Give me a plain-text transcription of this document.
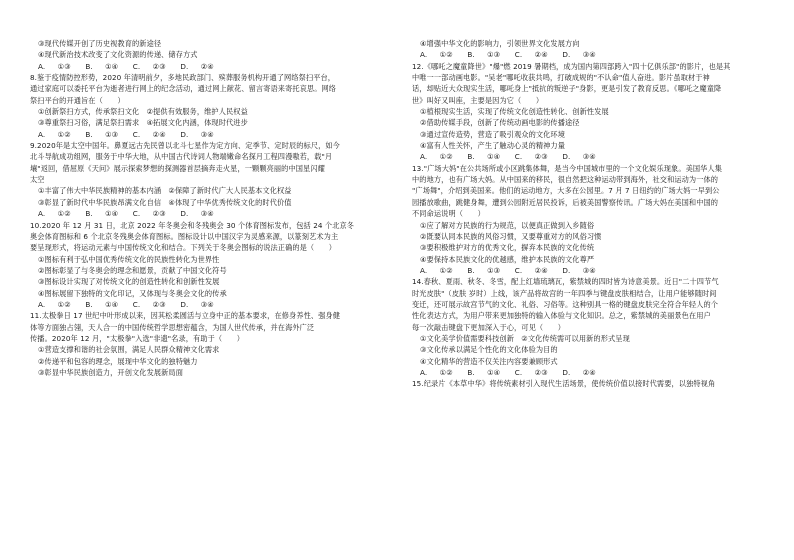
③现代传媒开创了历史视教育的新途径
④现代新治技术改变了文化资源的传递、储存方式
A. ①③　　B. ①④　　C. ②③　　D. ②④
8.鉴于疫情防控形势，2020 年清明前夕，多地民政部门、殡葬服务机构开通了网络祭扫平台，
通过家庭可以委托平台为逝者进行网上的纪念活动，通过网上献花、留言寄语来寄托哀思。网络
祭扫平台的开通旨在（　　）
①创新祭扫方式，传承祭扫文化　②提供有效服务，维护人民权益
③尊重祭扫习俗，满足祭扫需求　④拓展文化内涵，体现时代进步
A. ①②　　B. ①③　　C. ②④　　D. ③④
9.2020年是太空中国年。鼻夏远古先民曾以北斗七星作为定方向、定季节、定时辰的标尺，如今
北斗导航成功组网，服务于中华大地，从中国古代诗词人物端嫩命名探月工程四漫嗷若，载"月
壤"返回，借屈原《天问》展示探索梦想的探测器首层摘奔走火星，一颗颗亮丽的中国星闪耀
太空
①丰富了伟大中华民族精神的基本内涵　②保障了新时代广大人民基本文化权益
③彰显了新时代中华民族昂满文化自信　④体现了中华优秀传统文化的时代价值
A. ①②　　B. ①④　　C. ②③　　D. ③④
10.2020 年 12 月 31 日，北京 2022 年冬奥会和冬残奥会 30 个体育图标发布，包括 24 个北京冬
奥会体育图标和 6 个北京冬残奥会体育图标。图标设计以中国汉字为灵感来源，以篆刻艺术为主
要呈现形式，将运动元素与中国传统文化和结合。下列关于冬奥会图标的说法正确的是（　　）
①图标有利于弘中国优秀传统文化的民族性转化为世界性
②图标彰显了与冬奥会的理念和愿景，贡献了中国文化符号
③图标设计实现了对传统文化的创造性转化和创新性发展
④图标展留下独特的文化印记，又体现与冬奥会文化的传承
A. ①②　　B. ①④　　C. ②③　　D. ③④
11.太极拳日 17 世纪中叶形成以来，因其松柔圆活与立身中正的基本要求，在修身养性、强身健
体等方面独占翎，天人合一的中国传统哲学思想密蕴含，为国人世代传承，并在海外广泛
传播。2020年 12 月，"太极拳"入选"非遗"名录，有助于（　　）
①营造支撑和谐的社会氛围，满足人民群众精神文化需求
②传递平和包容的理念，展现中华文化的独特魅力
③彰显中华民族创造力，开创文化发展新局面
④增强中华文化的影响力，引领世界文化发展方向
A. ①②　　B. ①③　　C. ②④　　D. ③④
12.《哪吒之魔童降世》"爆"燃 2019 暑期档，成为国内第四部跨入"四十亿俱乐部"的影片，也是其
中唯一一部动画电影。"吴老"哪吒收获共鸣，打破成规的"不认命"值人奋进。影片虽取材于神
话，却贴近大众现实生活，哪吒身上"抵抗的叛逆子"身影，更是引发了教育反思。《哪吒之魔童降
世》叫好又叫座，主要是因为它（　　）
①植根现实生活，实现了传统文化创造性转化、创新性发展
②借助传媒手段，创新了传统动画电影的传播途径
③通过宣传造势，营造了吸引观众的文化环境
④富有人性关怀，产生了触动心灵的精神力量
A. ①②　　B. ①④　　C. ②③　　D. ③④
13."广场大妈"在公共场所或小区跳集体舞，是当今中国城市里的一个文化娱乐现象。美国华人集
中的地方，也有广场大妈。从中国来的移民，很自然把这种运动带到海外，社交和运动为一体的
"广场舞"，介绍到美国来。他们的运动地方，大多在公园里。7 月 7 日纽约的广场大妈一早到公
园播放歌曲，跳健身舞，遭到公园附近居民投诉，后被美国警察传讯。广场大妈在美国和中国的
不同命运说明（　　）
①应了解对方民族的行为规范，以便真正做到入乡随俗
②既要认同本民族的风俗习惯，又要尊重对方的风俗习惯
③要积极维护对方的优秀文化，摒弃本民族的文化传统
④要保持本民族文化的优越感，维护本民族的文化尊严
A. ①②　　B. ①③　　C. ②④　　D. ③④
14.春秋、夏雨、秋冬、冬雪，配上红墙琉璃瓦，紫禁城的四时皆为诗意美景。近日"二十四节气
时光皮肤"（皮肤 岁时）上线，该产品将故宫的一年四季与键盘皮肤相结合，让用户能够随时间
变迁，还可展示故宫节气的文化、礼俗、习俗等。这种别具一格的键盘皮肤完全符合年轻人的个
性化表达方式，为用户带来更加独特的输入体验与文化知识。总之，紫禁城的美丽景色在用户
每一次敲击键盘下更加深入于心，可见（　　）
①文化美学价值需要科技创新　②文化传统需可以用新的形式呈现
③文化传承以满足个性化的文化体验为目的
④文化精华的营造不仅关注内容要兼顾形式
A. ①②　　B. ①④　　C. ②③　　D. ②④
15.纪录片《本草中华》将传统素材引入现代生活场景，使传统价值以接时代需要，以独特视角
